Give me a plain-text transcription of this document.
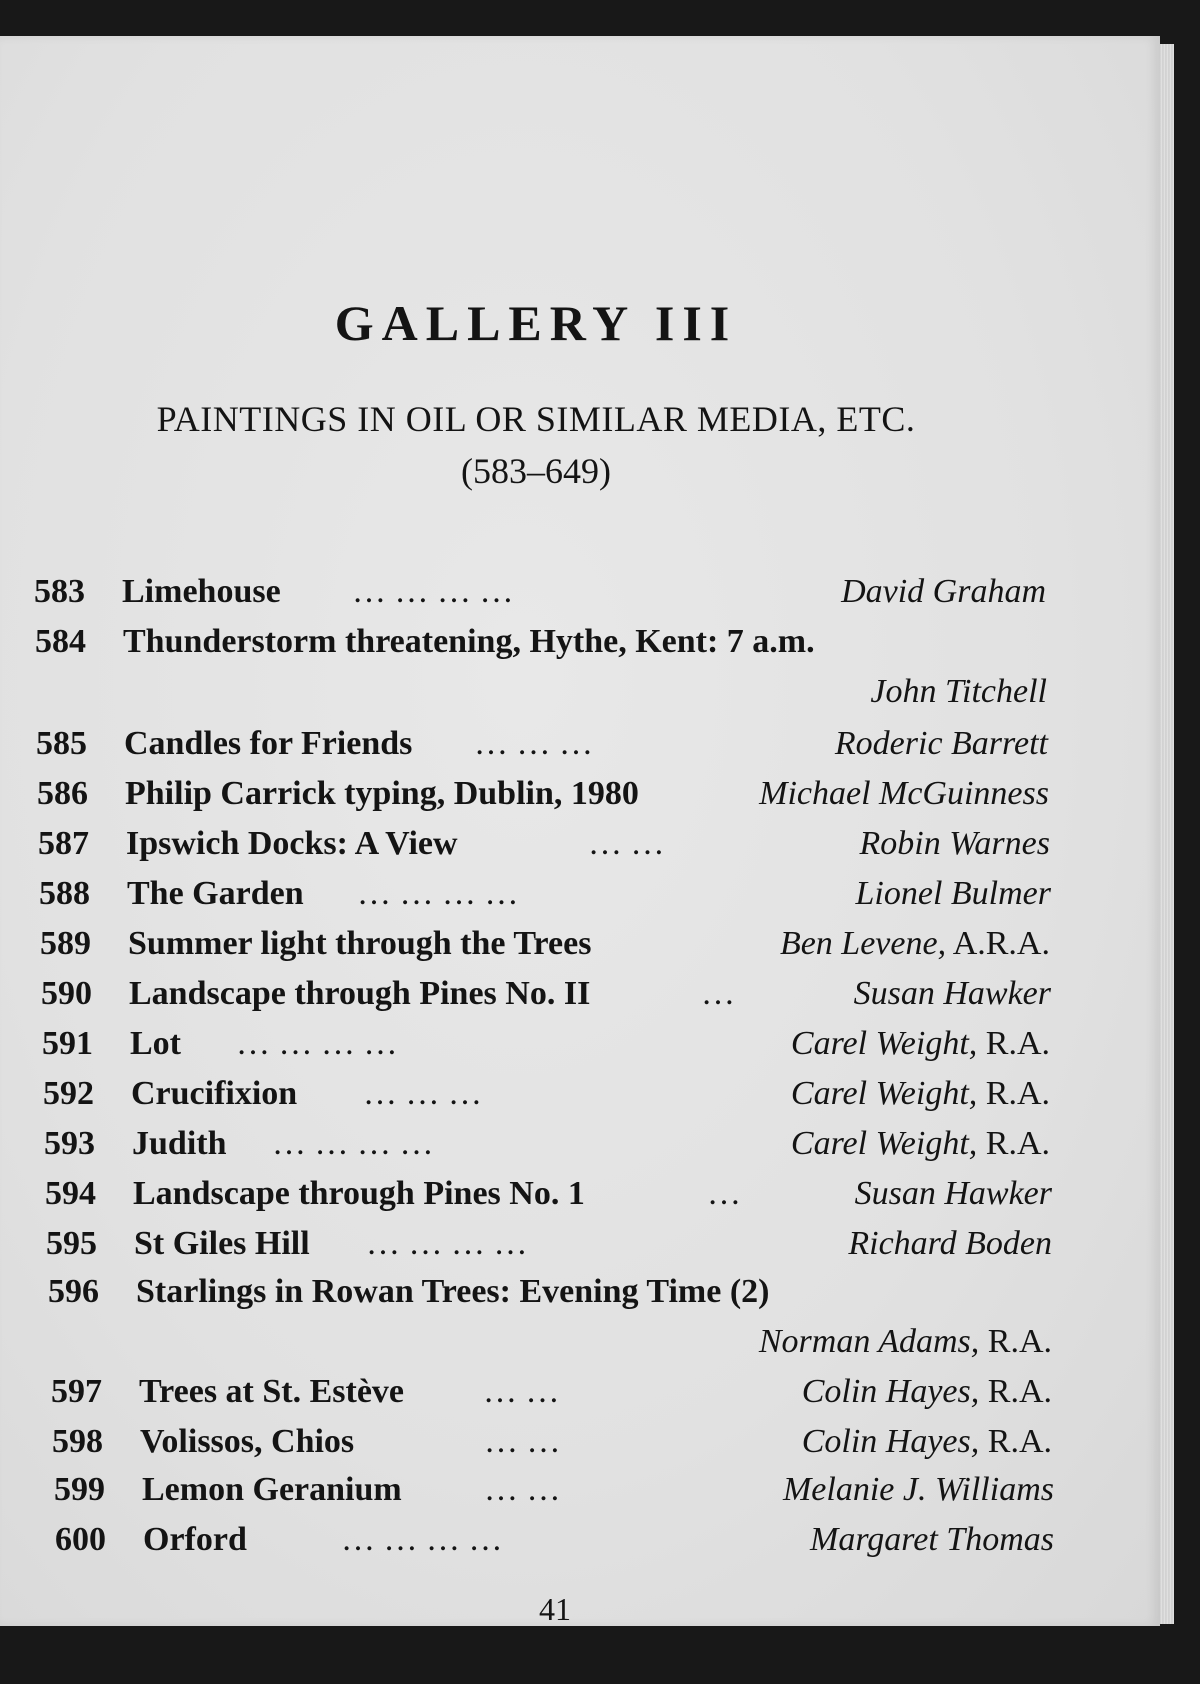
GALLERY III
PAINTINGS IN OIL OR SIMILAR MEDIA, ETC.
(583–649)
583 Limehouse … … … …	David Graham
584 Thunderstorm threatening, Hythe, Kent: 7 a.m.
John Titchell
585 Candles for Friends … … …	Roderic Barrett
586 Philip Carrick typing, Dublin, 1980	Michael McGuinness
587 Ipswich Docks: A View	… …	Robin Warnes
588 The Garden … … … …	Lionel Bulmer
589 Summer light through the Trees	Ben Levene, A.R.A.
590 Landscape through Pines No. II	…	Susan Hawker
591 Lot … … … …	Carel Weight, R.A.
592 Crucifixion … … …	Carel Weight, R.A.
593 Judith … … … …	Carel Weight, R.A.
594 Landscape through Pines No. 1	…	Susan Hawker
595 St Giles Hill … … … …	Richard Boden
596 Starlings in Rowan Trees: Evening Time (2)
Norman Adams, R.A.
597 Trees at St. Estève … …	Colin Hayes, R.A.
598 Volissos, Chios	… …	Colin Hayes, R.A.
599 Lemon Geranium … …	Melanie J. Williams
600 Orford	… … … …	Margaret Thomas
41
